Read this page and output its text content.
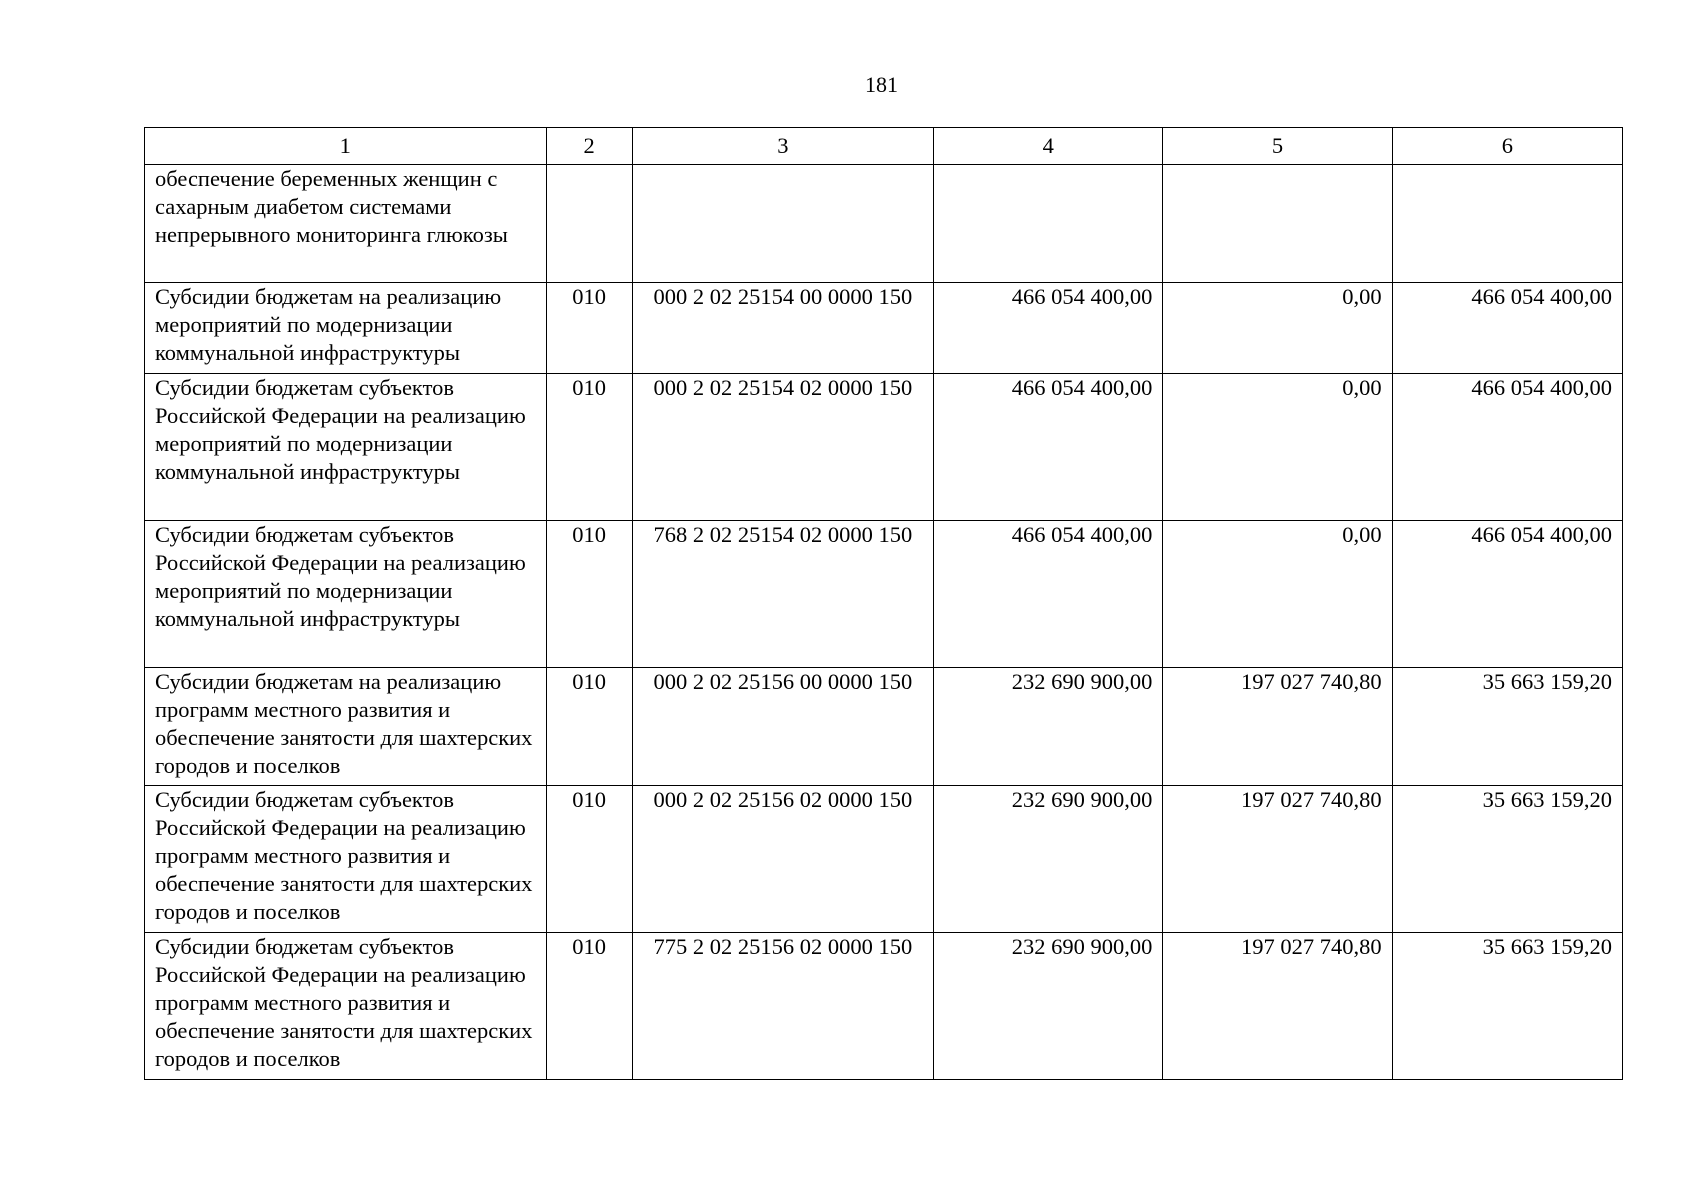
181
1	2	3	4	5	6
обеспечение беременных женщин с сахарным диабетом системами непрерывного мониторинга глюкозы					
Субсидии бюджетам на реализацию мероприятий по модернизации коммунальной инфраструктуры	010	000 2 02 25154 00 0000 150	466 054 400,00	0,00	466 054 400,00
Субсидии бюджетам субъектов Российской Федерации на реализацию мероприятий по модернизации коммунальной инфраструктуры	010	000 2 02 25154 02 0000 150	466 054 400,00	0,00	466 054 400,00
Субсидии бюджетам субъектов Российской Федерации на реализацию мероприятий по модернизации коммунальной инфраструктуры	010	768 2 02 25154 02 0000 150	466 054 400,00	0,00	466 054 400,00
Субсидии бюджетам на реализацию программ местного развития и обеспечение занятости для шахтерских городов и поселков	010	000 2 02 25156 00 0000 150	232 690 900,00	197 027 740,80	35 663 159,20
Субсидии бюджетам субъектов Российской Федерации на реализацию программ местного развития и обеспечение занятости для шахтерских городов и поселков	010	000 2 02 25156 02 0000 150	232 690 900,00	197 027 740,80	35 663 159,20
Субсидии бюджетам субъектов Российской Федерации на реализацию программ местного развития и обеспечение занятости для шахтерских городов и поселков	010	775 2 02 25156 02 0000 150	232 690 900,00	197 027 740,80	35 663 159,20
